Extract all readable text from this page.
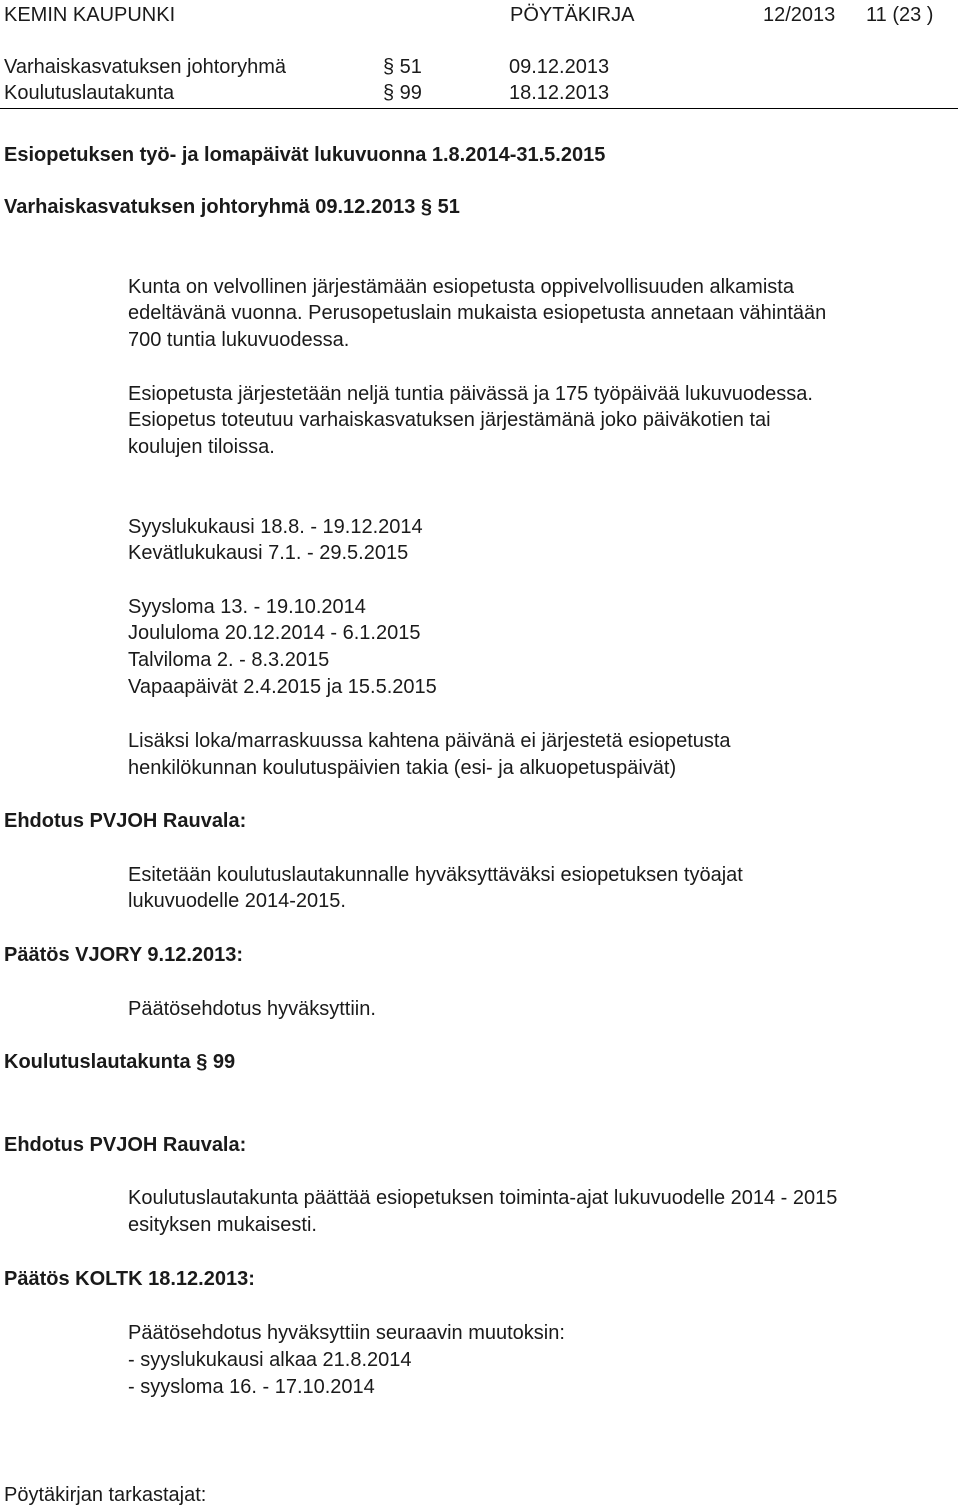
KEMIN KAUPUNKI	PÖYTÄKIRJA	12/2013 11 (23 )

Varhaiskasvatuksen johtoryhmä	§ 51	09.12.2013

Koulutuslautakunta	§ 99	18.12.2013

Esiopetuksen työ- ja lomapäivät lukuvuonna 1.8.2014-31.5.2015

Varhaiskasvatuksen johtoryhmä 09.12.2013 § 51

Kunta on velvollinen järjestämään esiopetusta oppivelvollisuuden alkamista

edeltävänä vuonna. Perusopetuslain mukaista esiopetusta annetaan vähintään

700 tuntia lukuvuodessa.

Esiopetusta järjestetään neljä tuntia päivässä ja 175 työpäivää lukuvuodessa.

Esiopetus toteutuu varhaiskasvatuksen järjestämänä joko päiväkotien tai

koulujen tiloissa.

Syyslukukausi 18.8. - 19.12.2014

Kevätlukukausi 7.1. - 29.5.2015

Syysloma 13. - 19.10.2014

Joululoma 20.12.2014 - 6.1.2015

Talviloma 2. - 8.3.2015

Vapaapäivät 2.4.2015 ja 15.5.2015

Lisäksi loka/marraskuussa kahtena päivänä ei järjestetä esiopetusta

henkilökunnan koulutuspäivien takia (esi- ja alkuopetuspäivät)

Ehdotus PVJOH Rauvala:

Esitetään koulutuslautakunnalle hyväksyttäväksi esiopetuksen työajat

lukuvuodelle 2014-2015.

Päätös VJORY 9.12.2013:

Päätösehdotus hyväksyttiin.

Koulutuslautakunta § 99

Ehdotus PVJOH Rauvala:

Koulutuslautakunta päättää esiopetuksen toiminta-ajat lukuvuodelle 2014 - 2015

esityksen mukaisesti.

Päätös KOLTK 18.12.2013:

Päätösehdotus hyväksyttiin seuraavin muutoksin:

- syyslukukausi alkaa 21.8.2014

- syysloma 16. - 17.10.2014

Pöytäkirjan tarkastajat:
